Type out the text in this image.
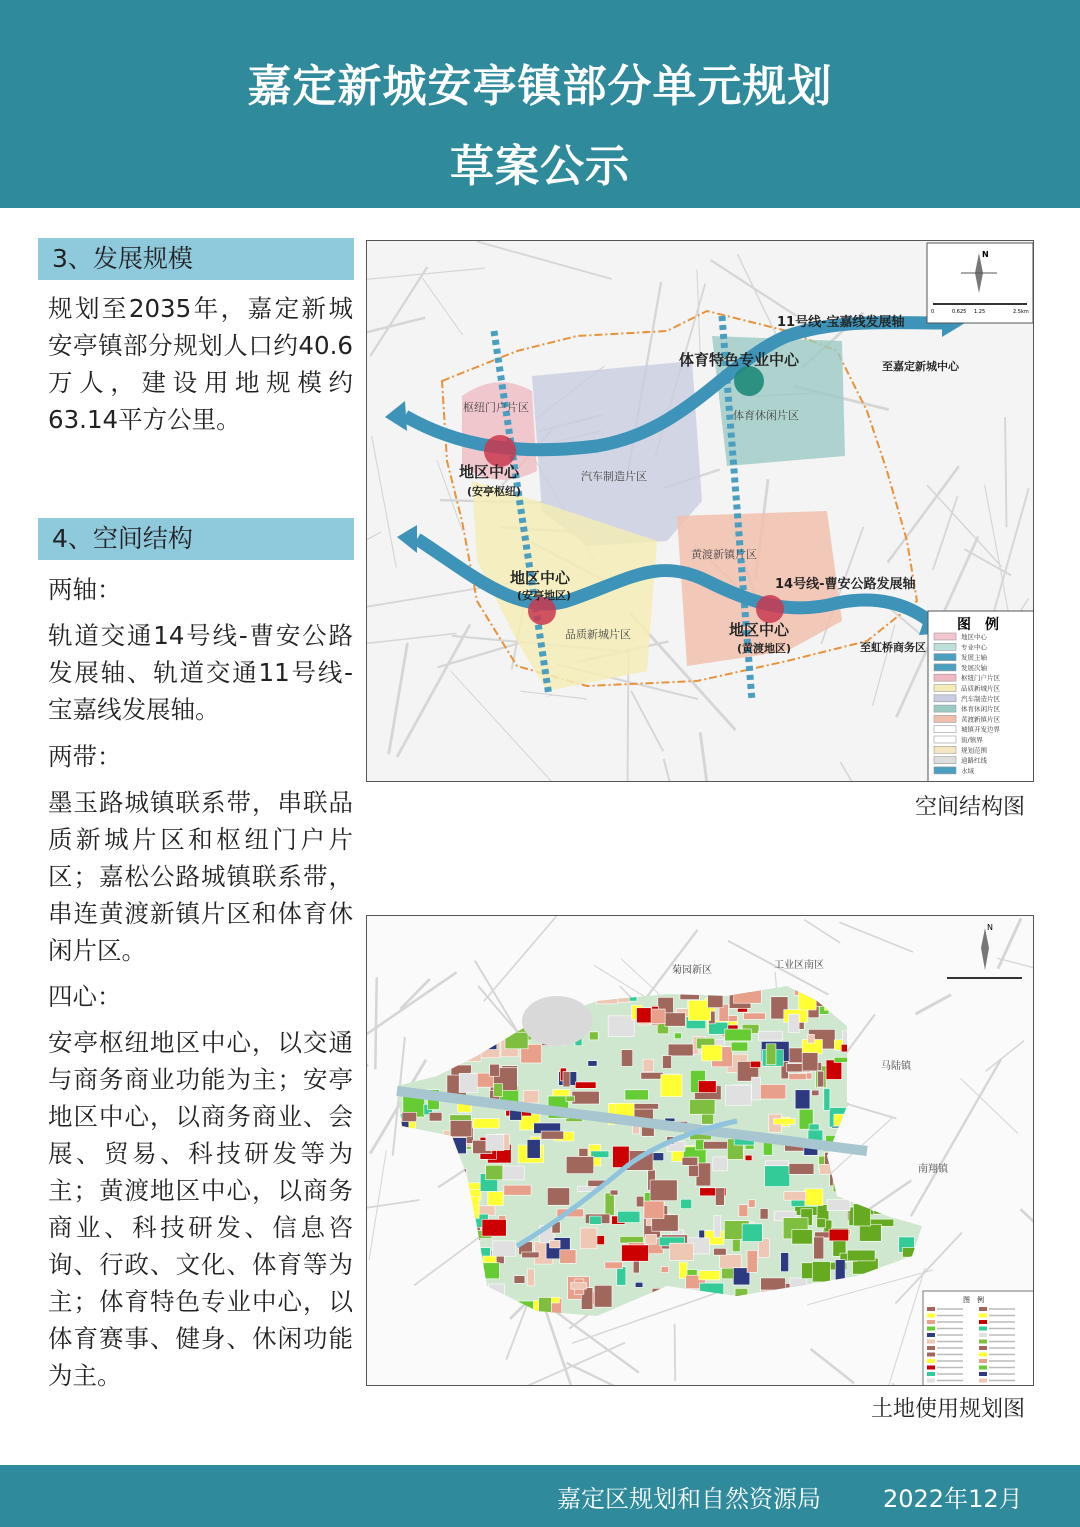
嘉定新城安亭镇部分单元规划
草案公示
3、发展规模
规划至2035年，嘉定新城安亭镇部分规划人口约40.6万人，建设用地规模约63.14平方公里。
4、空间结构
两轴：
轨道交通14号线-曹安公路发展轴、轨道交通11号线-宝嘉线发展轴。
两带：
墨玉路城镇联系带，串联品质新城片区和枢纽门户片区；嘉松公路城镇联系带，串连黄渡新镇片区和体育休闲片区。
四心：
安亭枢纽地区中心，以交通与商务商业功能为主；安亭地区中心，以商务商业、会展、贸易、科技研发等为主；黄渡地区中心，以商务商业、科技研发、信息咨询、行政、文化、体育等为主；体育特色专业中心，以体育赛事、健身、休闲功能为主。
枢纽门户片区
汽车制造片区
体育休闲片区
黄渡新镇片区
品质新城片区
地区中心
(安亭枢纽)
体育特色专业中心
11号线-宝嘉线发展轴
至嘉定新城中心
地区中心
(安亭地区)
14号线-曹安公路发展轴
地区中心
(黄渡地区)	至虹桥商务区
N
0	0.625 1.25	2.5km
图　例
地区中心
专业中心
发展主轴
发展次轴
枢纽门户片区
品质新城片区
汽车制造片区
体育休闲片区
黄渡新镇片区
城镇开发边界
街/镇界
规划范围
道路红线
水域
空间结构图
菊园新区	工业区南区
马陆镇
南翔镇
N
图　例
土地使用规划图
嘉定区规划和自然资源局	2022年12月
